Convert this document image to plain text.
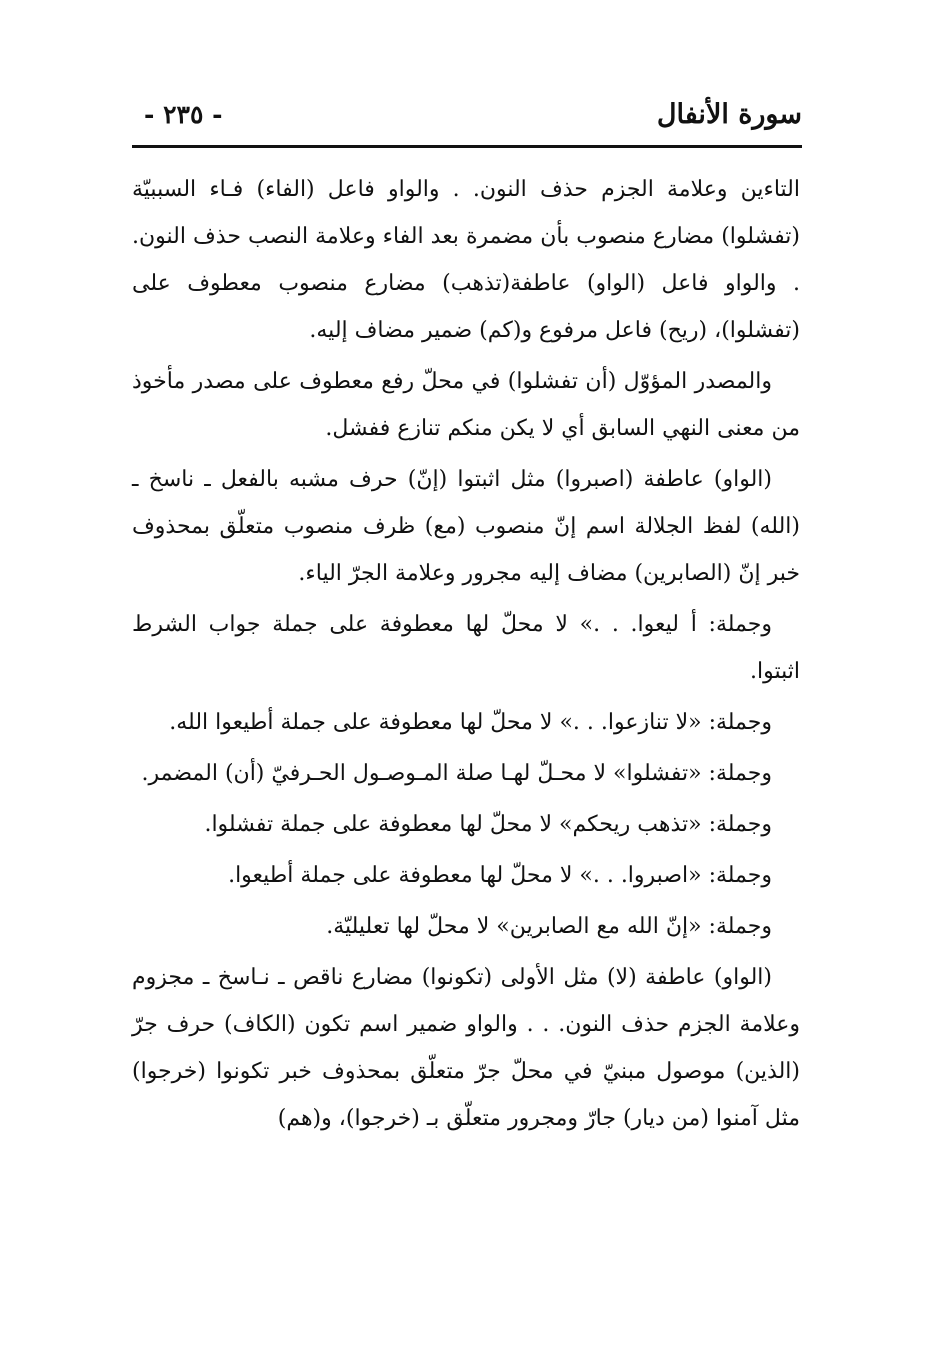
سورة الأنفال
- ٢٣٥ -

التاءين وعلامة الجزم حذف النون. . والواو فاعل (الفاء) فـاء السببيّة (تفشلوا) مضارع منصوب بأن مضمرة بعد الفاء وعلامة النصب حذف النون. . والواو فاعل (الواو) عاطفة(تذهب) مضارع منصوب معطوف على (تفشلوا)، (ريح) فاعل مرفوع و(كم) ضمير مضاف إليه.

والمصدر المؤوّل (أن تفشلوا) في محلّ رفع معطوف على مصدر مأخوذ من معنى النهي السابق أي لا يكن منكم تنازع ففشل.

(الواو) عاطفة (اصبروا) مثل اثبتوا (إنّ) حرف مشبه بالفعل ـ ناسخ ـ (الله) لفظ الجلالة اسم إنّ منصوب (مع) ظرف منصوب متعلّق بمحذوف خبر إنّ (الصابرين) مضاف إليه مجرور وعلامة الجرّ الياء.

وجملة: أ ليعوا. . .» لا محلّ لها معطوفة على جملة جواب الشرط اثبتوا.

وجملة: «لا تنازعوا. . .» لا محلّ لها معطوفة على جملة أطيعوا الله.

وجملة: «تفشلوا» لا محـلّ لهـا صلة المـوصـول الحـرفيّ (أن) المضمر.

وجملة: «تذهب ريحكم» لا محلّ لها معطوفة على جملة تفشلوا.

وجملة: «اصبروا. . .» لا محلّ لها معطوفة على جملة أطيعوا.

وجملة: «إنّ الله مع الصابرين» لا محلّ لها تعليليّة.

(الواو) عاطفة (لا) مثل الأولى (تكونوا) مضارع ناقص ـ نـاسخ ـ مجزوم وعلامة الجزم حذف النون. . . والواو ضمير اسم تكون (الكاف) حرف جرّ (الذين) موصول مبنيّ في محلّ جرّ متعلّق بمحذوف خبر تكونوا (خرجوا) مثل آمنوا (من ديار) جارّ ومجرور متعلّق بـ (خرجوا)، و(هم)
